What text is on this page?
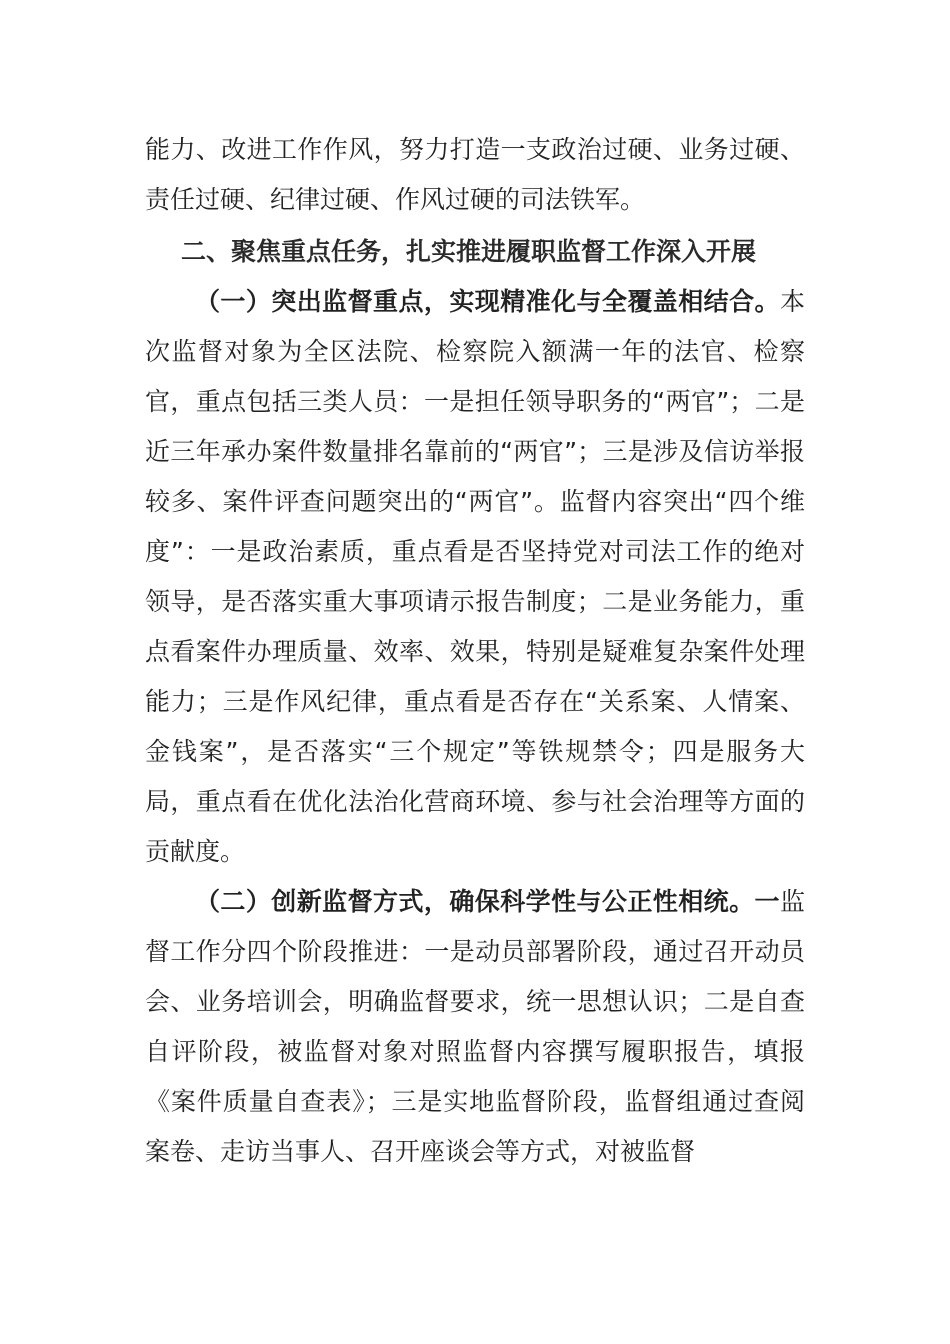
能力、改进工作作风，努力打造一支政治过硬、业务过硬、责任过硬、纪律过硬、作风过硬的司法铁军。

二、聚焦重点任务，扎实推进履职监督工作深入开展

（一）突出监督重点，实现精准化与全覆盖相结合。本次监督对象为全区法院、检察院入额满一年的法官、检察官，重点包括三类人员：一是担任领导职务的“两官”；二是近三年承办案件数量排名靠前的“两官”；三是涉及信访举报较多、案件评查问题突出的“两官”。监督内容突出“四个维度”：一是政治素质，重点看是否坚持党对司法工作的绝对领导，是否落实重大事项请示报告制度；二是业务能力，重点看案件办理质量、效率、效果，特别是疑难复杂案件处理能力；三是作风纪律，重点看是否存在“关系案、人情案、金钱案”，是否落实“三个规定”等铁规禁令；四是服务大局，重点看在优化法治化营商环境、参与社会治理等方面的贡献度。

（二）创新监督方式，确保科学性与公正性相统。一监督工作分四个阶段推进：一是动员部署阶段，通过召开动员会、业务培训会，明确监督要求，统一思想认识；二是自查自评阶段，被监督对象对照监督内容撰写履职报告，填报《案件质量自查表》；三是实地监督阶段，监督组通过查阅案卷、走访当事人、召开座谈会等方式，对被监督
